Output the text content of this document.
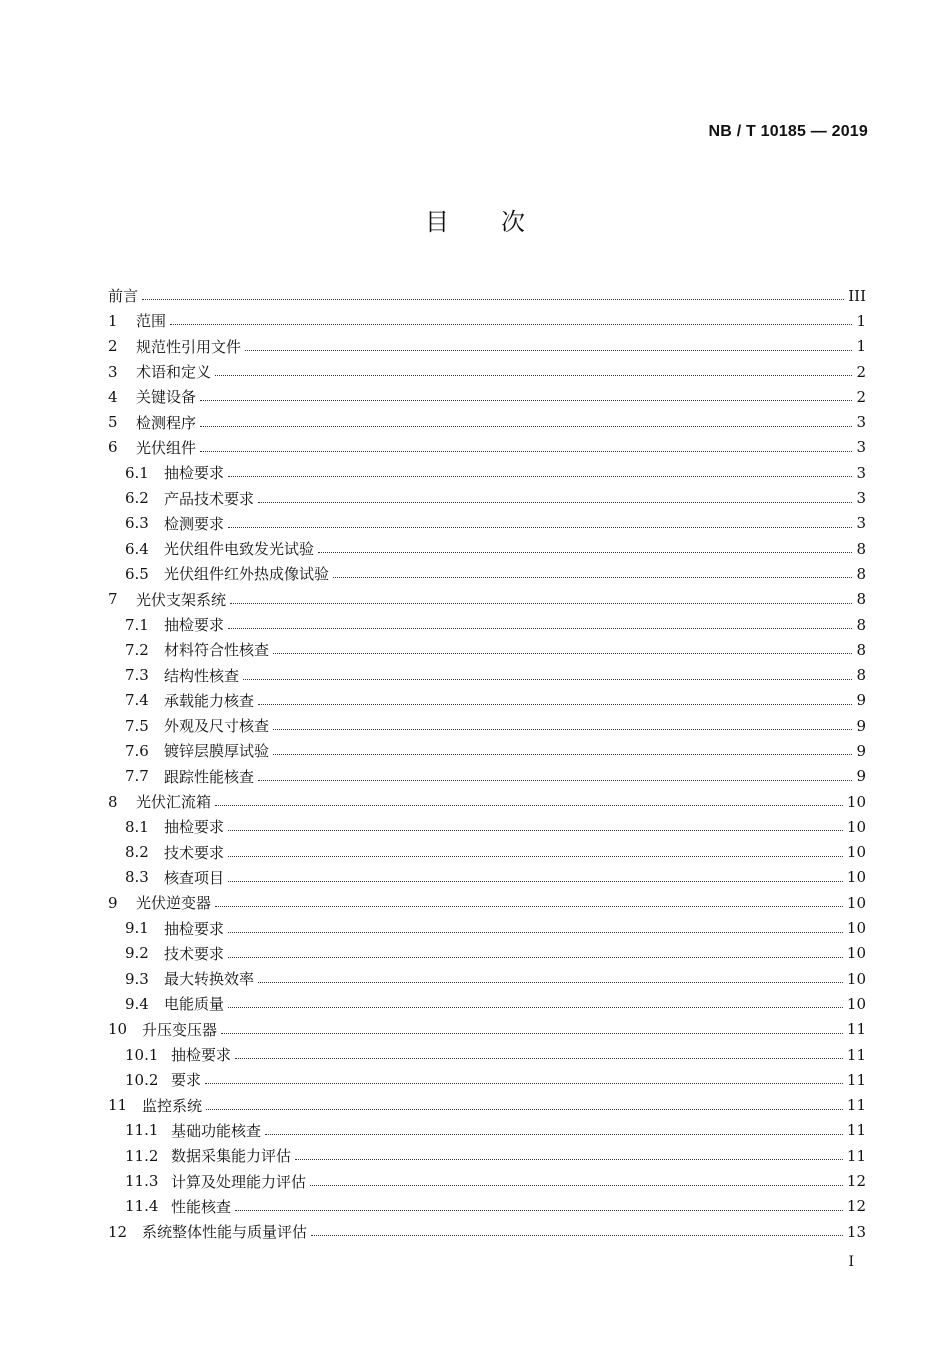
NB / T 10185 — 2019
目次
前言	III
1	范围	1
2	规范性引用文件	1
3	术语和定义	2
4	关键设备	2
5	检测程序	3
6	光伏组件	3
6.1	抽检要求	3
6.2	产品技术要求	3
6.3	检测要求	3
6.4	光伏组件电致发光试验	8
6.5	光伏组件红外热成像试验	8
7	光伏支架系统	8
7.1	抽检要求	8
7.2	材料符合性核查	8
7.3	结构性核查	8
7.4	承载能力核查	9
7.5	外观及尺寸核查	9
7.6	镀锌层膜厚试验	9
7.7	跟踪性能核查	9
8	光伏汇流箱	10
8.1	抽检要求	10
8.2	技术要求	10
8.3	核查项目	10
9	光伏逆变器	10
9.1	抽检要求	10
9.2	技术要求	10
9.3	最大转换效率	10
9.4	电能质量	10
10 升压变压器	11
10.1 抽检要求	11
10.2 要求	11
11 监控系统	11
11.1 基础功能核查	11
11.2 数据采集能力评估	11
11.3 计算及处理能力评估	12
11.4 性能核查	12
12 系统整体性能与质量评估	13
I
